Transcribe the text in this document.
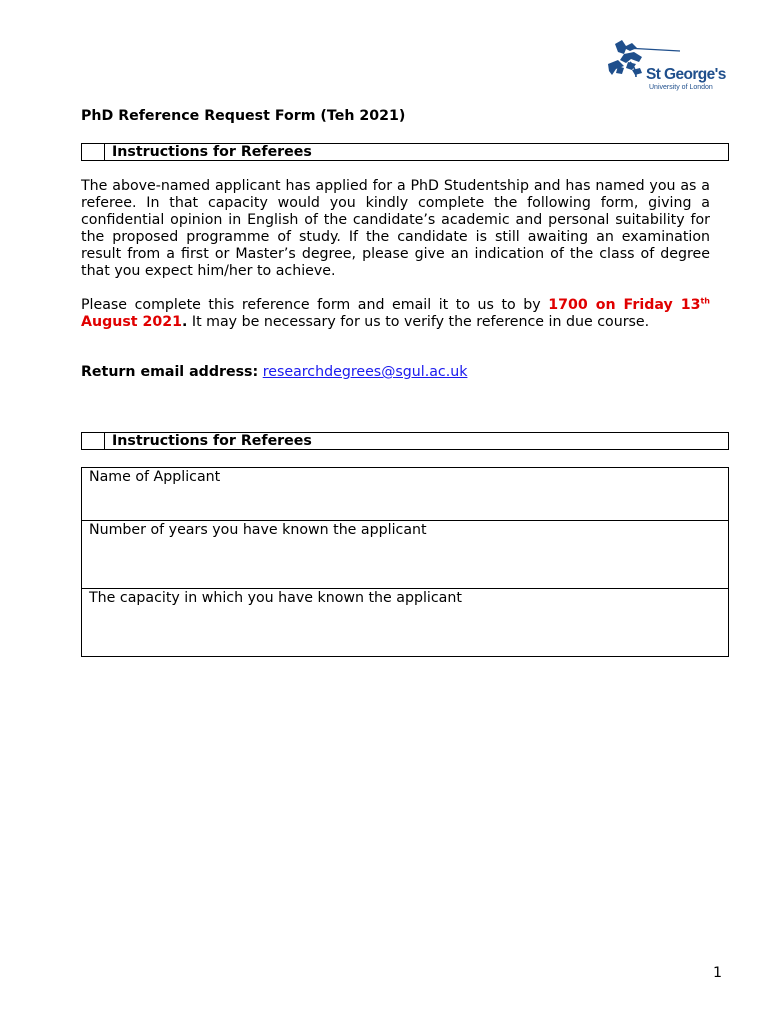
St George's
University of London
PhD Reference Request Form (Teh 2021)
Instructions for Referees

The above-named applicant has applied for a PhD Studentship and has named you as a referee. In that capacity would you kindly complete the following form, giving a confidential opinion in English of the candidate’s academic and personal suitability for the proposed programme of study. If the candidate is still awaiting an examination result from a first or Master’s degree, please give an indication of the class of degree that you expect him/her to achieve.

Please complete this reference form and email it to us to by 1700 on Friday 13th August 2021. It may be necessary for us to verify the reference in due course.

Return email address: researchdegrees@sgul.ac.uk
Instructions for Referees
Name of Applicant
Number of years you have known the applicant
The capacity in which you have known the applicant
1
